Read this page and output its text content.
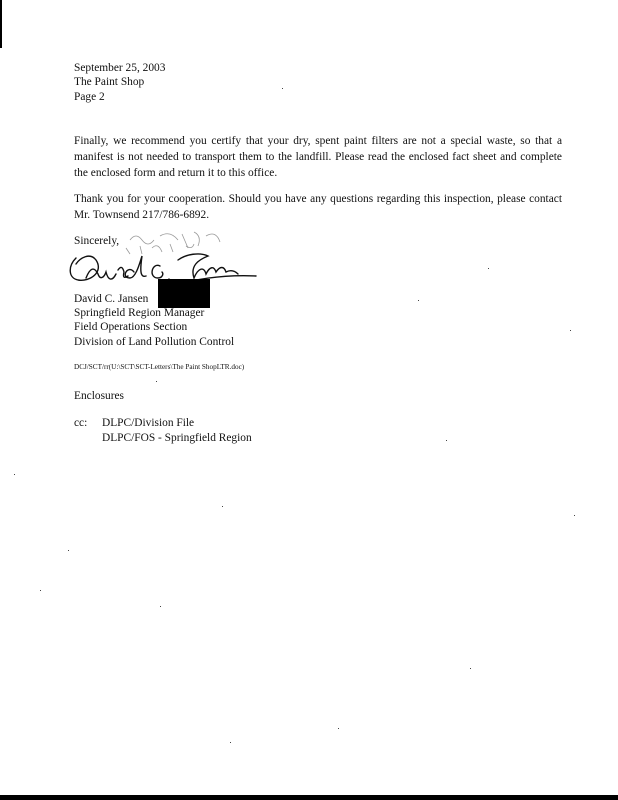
September 25, 2003
The Paint Shop
Page 2
Finally, we recommend you certify that your dry, spent paint filters are not a special waste, so that a manifest is not needed to transport them to the landfill. Please read the enclosed fact sheet and complete the enclosed form and return it to this office.
Thank you for your cooperation. Should you have any questions regarding this inspection, please contact Mr. Townsend 217/786-6892.
Sincerely,
David C. Jansen
Springfield Region Manager
Field Operations Section
Division of Land Pollution Control
DCJ/SCT/rr(U:\SCT\SCT-Letters\The Paint ShopLTR.doc)
Enclosures
cc: DLPC/Division File
DLPC/FOS - Springfield Region
